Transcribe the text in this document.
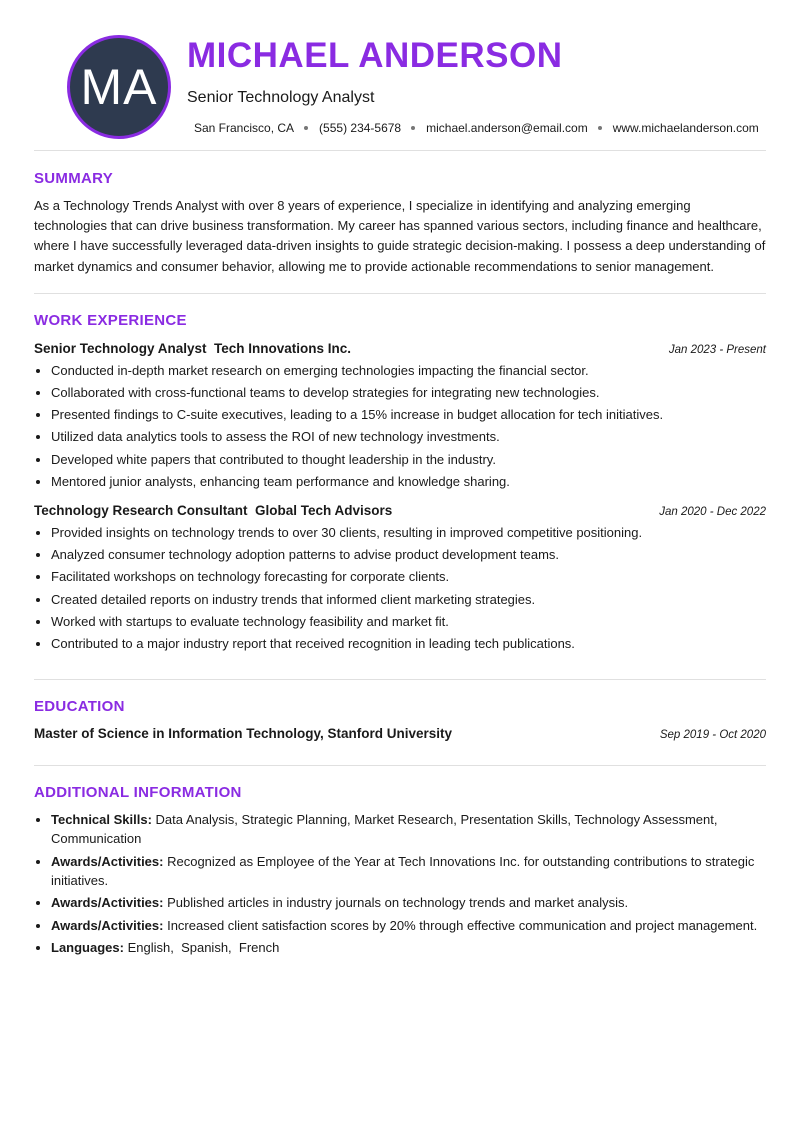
MA
MICHAEL ANDERSON
Senior Technology Analyst
San Francisco, CA (555) 234-5678 michael.anderson@email.com www.michaelanderson.com
SUMMARY

As a Technology Trends Analyst with over 8 years of experience, I specialize in identifying and analyzing emerging technologies that can drive business transformation. My career has spanned various sectors, including finance and healthcare, where I have successfully leveraged data-driven insights to guide strategic decision-making. I possess a deep understanding of market dynamics and consumer behavior, allowing me to provide actionable recommendations to senior management.

WORK EXPERIENCE
Senior Technology Analyst  Tech Innovations Inc.	Jan 2023 - Present
• Conducted in-depth market research on emerging technologies impacting the financial sector.
• Collaborated with cross-functional teams to develop strategies for integrating new technologies.
• Presented findings to C-suite executives, leading to a 15% increase in budget allocation for tech initiatives.
• Utilized data analytics tools to assess the ROI of new technology investments.
• Developed white papers that contributed to thought leadership in the industry.
• Mentored junior analysts, enhancing team performance and knowledge sharing.
Technology Research Consultant  Global Tech Advisors	Jan 2020 - Dec 2022
• Provided insights on technology trends to over 30 clients, resulting in improved competitive positioning.
• Analyzed consumer technology adoption patterns to advise product development teams.
• Facilitated workshops on technology forecasting for corporate clients.
• Created detailed reports on industry trends that informed client marketing strategies.
• Worked with startups to evaluate technology feasibility and market fit.
• Contributed to a major industry report that received recognition in leading tech publications.
EDUCATION
Master of Science in Information Technology, Stanford University	Sep 2019 - Oct 2020
ADDITIONAL INFORMATION
• Technical Skills: Data Analysis, Strategic Planning, Market Research, Presentation Skills, Technology Assessment, Communication
• Awards/Activities: Recognized as Employee of the Year at Tech Innovations Inc. for outstanding contributions to strategic initiatives.
• Awards/Activities: Published articles in industry journals on technology trends and market analysis.
• Awards/Activities: Increased client satisfaction scores by 20% through effective communication and project management.
• Languages: English,  Spanish,  French
